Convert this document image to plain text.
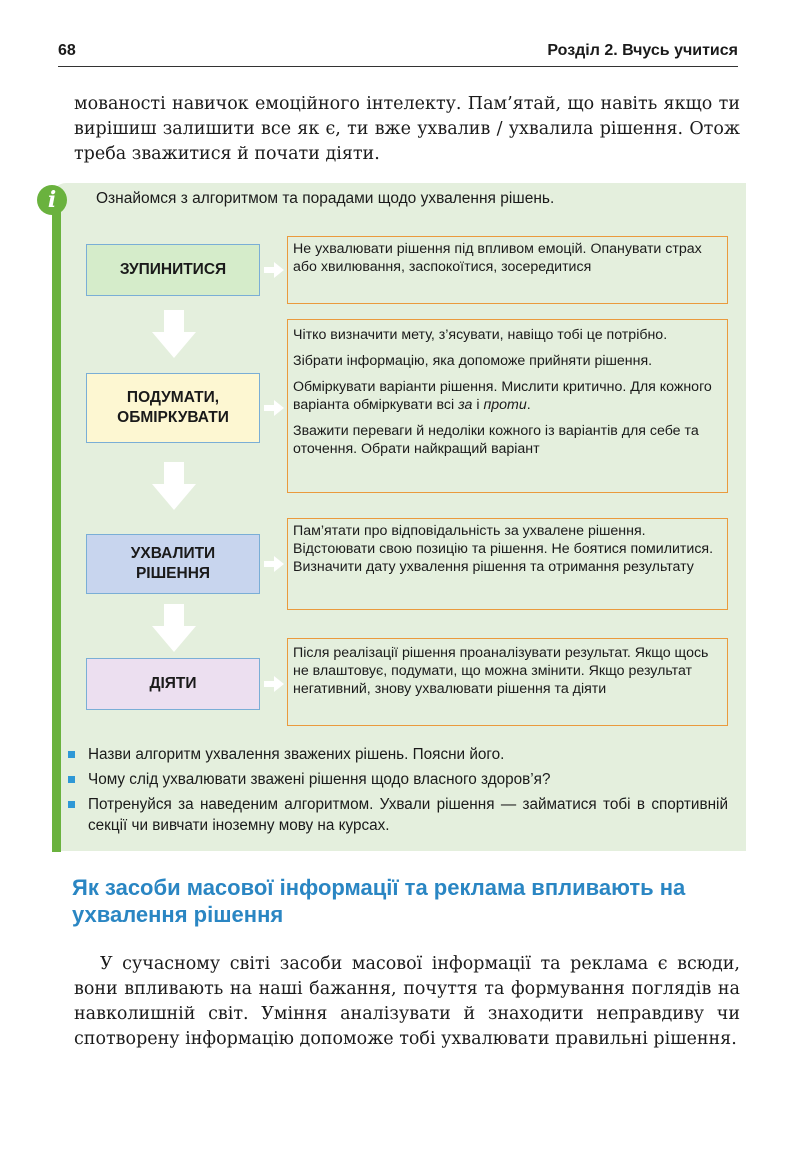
68	Розділ 2. Вчусь учитися

мованості навичок емоційного інтелекту. Пам’ятай, що навіть якщо ти вирішиш залишити все як є, ти вже ухвалив / ухвалила рішення. Отож треба зважитися й почати діяти.

i	Ознайомся з алгоритмом та порадами щодо ухвалення рішень.
ЗУПИНИТИСЯ
ПОДУМАТИ,
ОБМІРКУВАТИ
УХВАЛИТИ
РІШЕННЯ
ДІЯТИ

Не ухвалювати рішення під впливом емоцій. Опанувати страх або хвилювання, заспокоїтися, зосередитися

Чітко визначити мету, з’ясувати, навіщо тобі це потрібно.

Зібрати інформацію, яка допоможе прийняти рішення.

Обміркувати варіанти рішення. Мислити критично. Для кожного варіанта обміркувати всі за і проти.

Зважити переваги й недоліки кожного із варіантів для себе та оточення. Обрати найкращий варіант

Пам’ятати про відповідальність за ухвалене рішення. Відстоювати свою позицію та рішення. Не боятися помилитися. Визначити дату ухвалення рішення та отримання результату

Після реалізації рішення проаналізувати результат. Якщо щось не влаштовує, подумати, що можна змінити. Якщо результат негативний, знову ухвалювати рішення та діяти

Назви алгоритм ухвалення зважених рішень. Поясни його.
Чому слід ухвалювати зважені рішення щодо власного здоров’я?
Потренуйся за наведеним алгоритмом. Ухвали рішення — займатися тобі в спортивній секції чи вивчати іноземну мову на курсах.
Як засоби масової інформації та реклама впливають на ухвалення рішення

У сучасному світі засоби масової інформації та реклама є всюди, вони впливають на наші бажання, почуття та формування поглядів на навколишній світ. Уміння аналізувати й знаходити неправдиву чи спотворену інформацію допоможе тобі ухвалювати правильні рішення.
